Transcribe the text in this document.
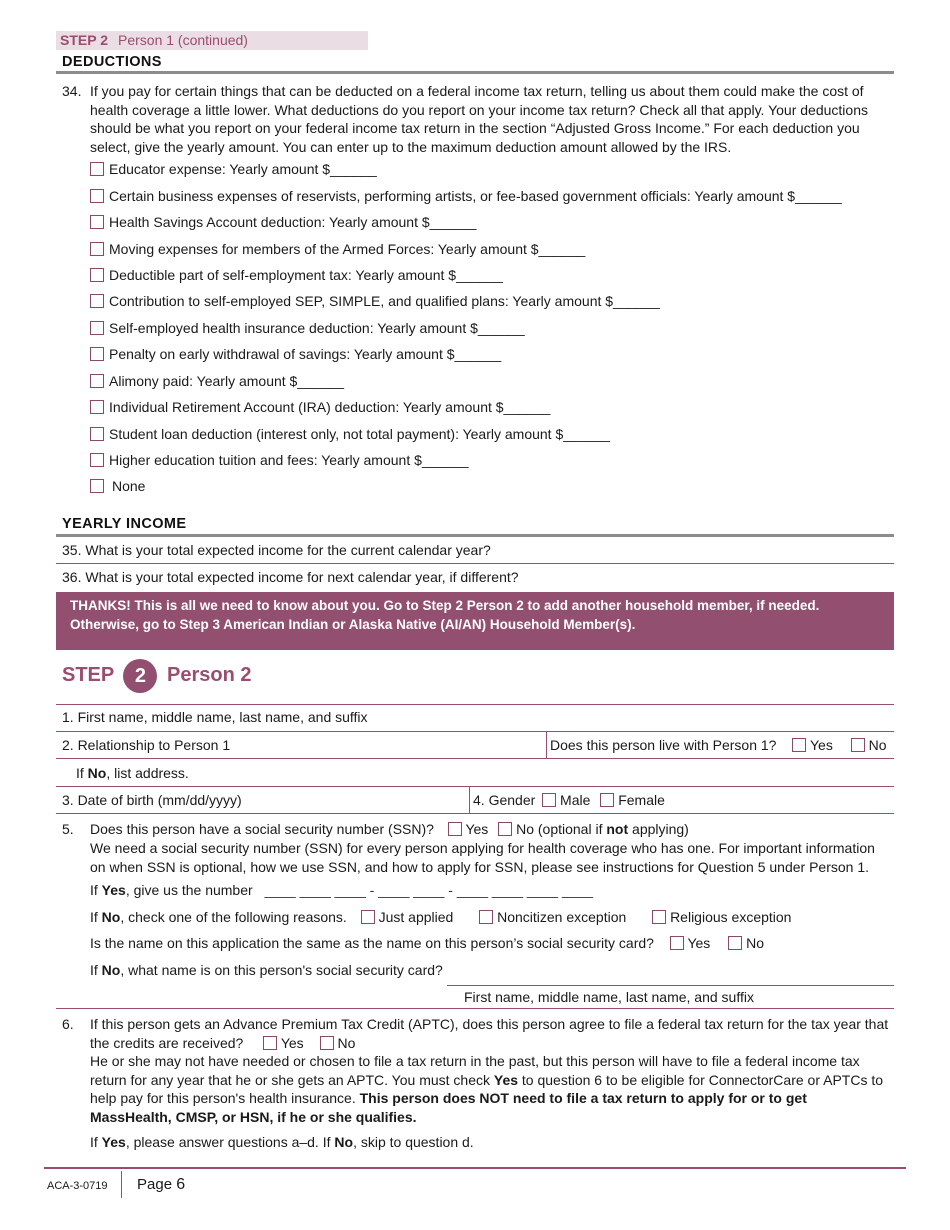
STEP 2 Person 1 (continued)
DEDUCTIONS
34. If you pay for certain things that can be deducted on a federal income tax return, telling us about them could make the cost of health coverage a little lower. What deductions do you report on your income tax return? Check all that apply. Your deductions should be what you report on your federal income tax return in the section “Adjusted Gross Income.” For each deduction you select, give the yearly amount. You can enter up to the maximum deduction amount allowed by the IRS.
Educator expense: Yearly amount $______
Certain business expenses of reservists, performing artists, or fee-based government officials: Yearly amount $______
Health Savings Account deduction: Yearly amount $______
Moving expenses for members of the Armed Forces: Yearly amount $______
Deductible part of self-employment tax: Yearly amount $______
Contribution to self-employed SEP, SIMPLE, and qualified plans: Yearly amount $______
Self-employed health insurance deduction: Yearly amount $______
Penalty on early withdrawal of savings: Yearly amount $______
Alimony paid: Yearly amount $______
Individual Retirement Account (IRA) deduction: Yearly amount $______
Student loan deduction (interest only, not total payment): Yearly amount $______
Higher education tuition and fees: Yearly amount $______
None
YEARLY INCOME
35. What is your total expected income for the current calendar year?
36. What is your total expected income for next calendar year, if different?
THANKS! This is all we need to know about you. Go to Step 2 Person 2 to add another household member, if needed.
Otherwise, go to Step 3 American Indian or Alaska Native (AI/AN) Household Member(s).
STEP 2 Person 2
1. First name, middle name, last name, and suffix
2. Relationship to Person 1	Does this person live with Person 1? Yes	No
If No, list address.
3. Date of birth (mm/dd/yyyy)	4. Gender Male Female
5. Does this person have a social security number (SSN)? Yes No (optional if not applying)
We need a social security number (SSN) for every person applying for health coverage who has one. For important information on when SSN is optional, how we use SSN, and how to apply for SSN, please see instructions for Question 5 under Person 1.
If Yes, give us the number ____ ____ ____ - ____ ____ - ____ ____ ____ ____
If No, check one of the following reasons. Just applied	Noncitizen exception	Religious exception
Is the name on this application the same as the name on this person’s social security card? Yes	No
If No, what name is on this person's social security card?
First name, middle name, last name, and suffix
6. If this person gets an Advance Premium Tax Credit (APTC), does this person agree to file a federal tax return for the tax year that the credits are received?	Yes No
He or she may not have needed or chosen to file a tax return in the past, but this person will have to file a federal income tax return for any year that he or she gets an APTC. You must check Yes to question 6 to be eligible for ConnectorCare or APTCs to help pay for this person's health insurance. This person does NOT need to file a tax return to apply for or to get MassHealth, CMSP, or HSN, if he or she qualifies.
If Yes, please answer questions a–d. If No, skip to question d.
ACA-3-0719 Page 6
